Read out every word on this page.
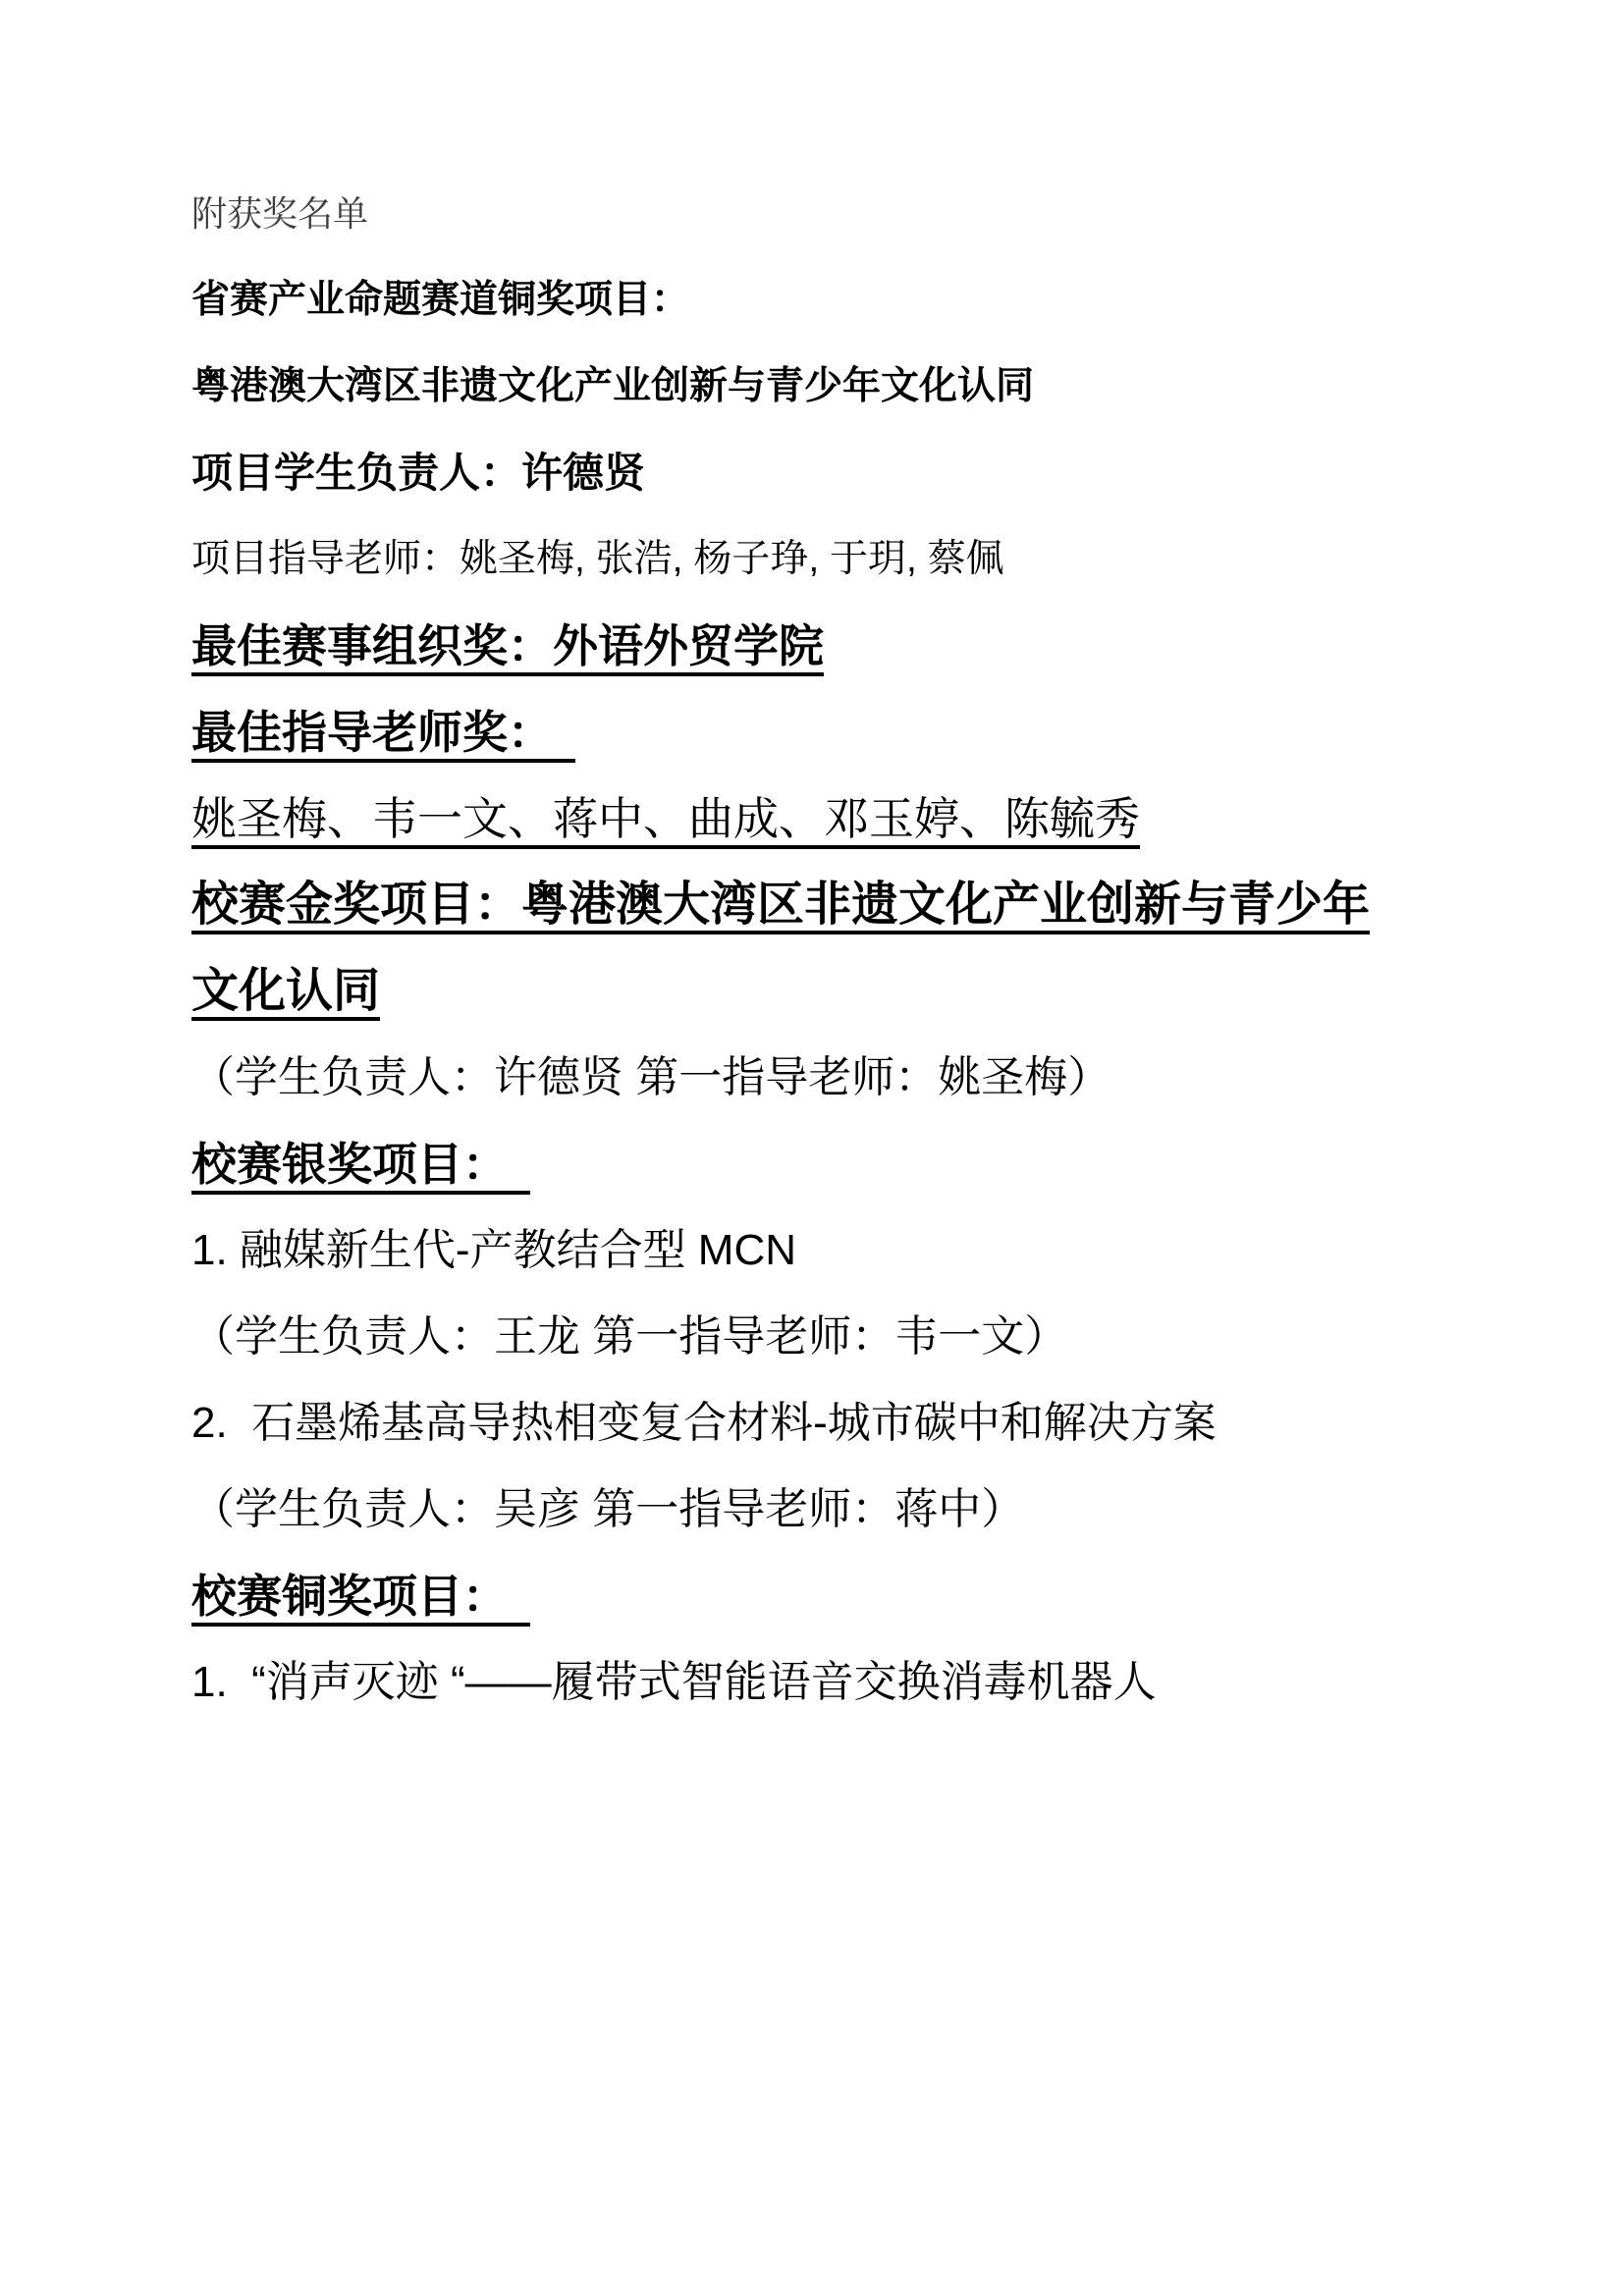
附获奖名单

省赛产业命题赛道铜奖项目：

粤港澳大湾区非遗文化产业创新与青少年文化认同

项目学生负责人：许德贤

项目指导老师：姚圣梅, 张浩, 杨子琤, 于玥, 蔡佩

最佳赛事组织奖：外语外贸学院

最佳指导老师奖：　

姚圣梅、韦一文、蒋中、曲成、邓玉婷、陈毓秀

校赛金奖项目：粤港澳大湾区非遗文化产业创新与青少年文化认同

（学生负责人：许德贤 第一指导老师：姚圣梅）

校赛银奖项目：　

1. 融媒新生代-产教结合型 MCN

（学生负责人：王龙 第一指导老师：韦一文）

2.  石墨烯基高导热相变复合材料-城市碳中和解决方案

（学生负责人：吴彦 第一指导老师：蒋中）

校赛铜奖项目：　

1.  “消声灭迹 “——履带式智能语音交换消毒机器人
